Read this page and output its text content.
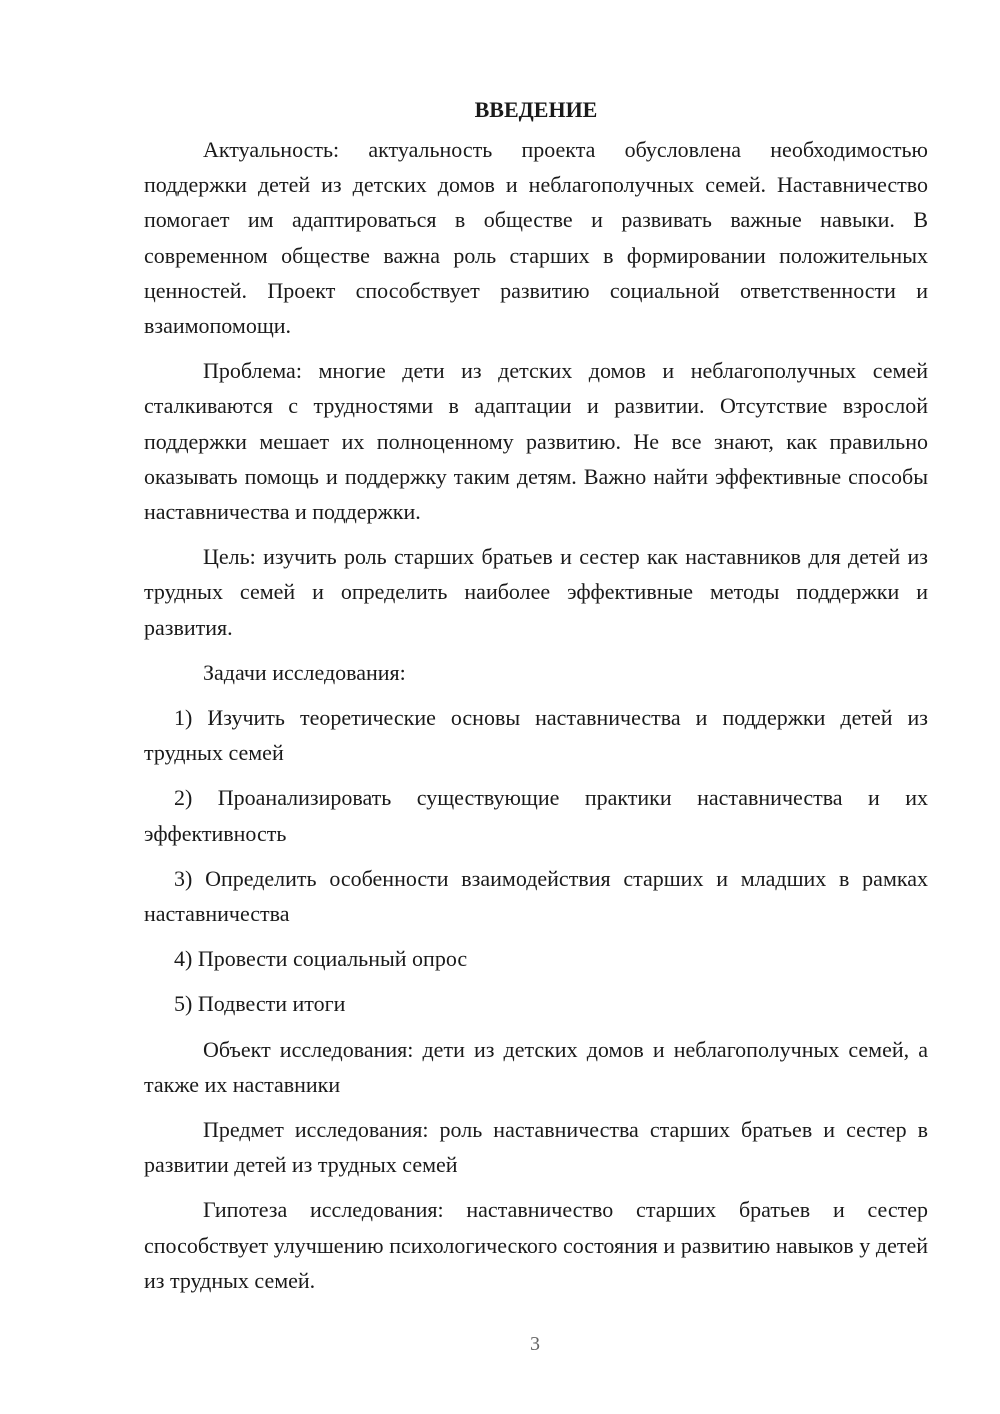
ВВЕДЕНИЕ

Актуальность: актуальность проекта обусловлена необходимостью поддержки детей из детских домов и неблагополучных семей. Наставничество помогает им адаптироваться в обществе и развивать важные навыки. В современном обществе важна роль старших в формировании положительных ценностей. Проект способствует развитию социальной ответственности и взаимопомощи.

Проблема: многие дети из детских домов и неблагополучных семей сталкиваются с трудностями в адаптации и развитии. Отсутствие взрослой поддержки мешает их полноценному развитию. Не все знают, как правильно оказывать помощь и поддержку таким детям. Важно найти эффективные способы наставничества и поддержки.

Цель: изучить роль старших братьев и сестер как наставников для детей из трудных семей и определить наиболее эффективные методы поддержки и развития.

Задачи исследования:

1) Изучить теоретические основы наставничества и поддержки детей из трудных семей

2) Проанализировать существующие практики наставничества и их эффективность

3) Определить особенности взаимодействия старших и младших в рамках наставничества

4) Провести социальный опрос

5) Подвести итоги

Объект исследования: дети из детских домов и неблагополучных семей, а также их наставники

Предмет исследования: роль наставничества старших братьев и сестер в развитии детей из трудных семей

Гипотеза исследования: наставничество старших братьев и сестер способствует улучшению психологического состояния и развитию навыков у детей из трудных семей.

3
